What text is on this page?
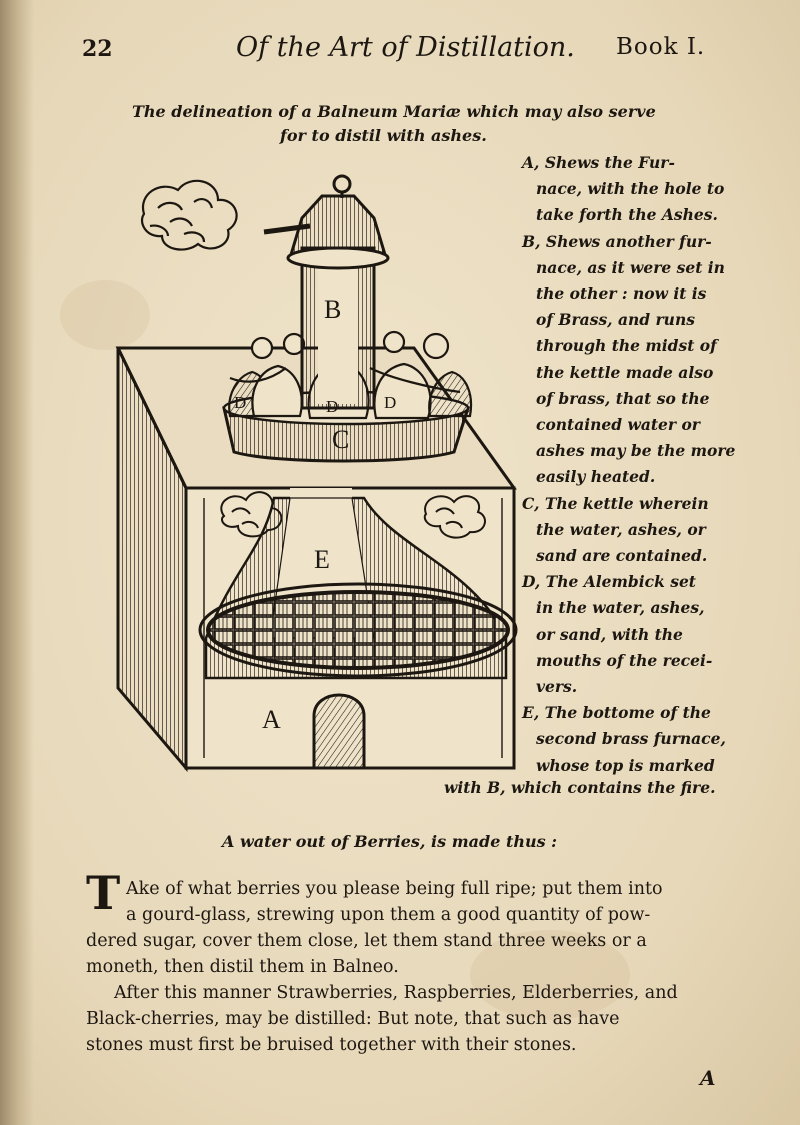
22	Of the Art of Distillation. Book I.
The delineation of a Balneum Mariæ which may also serve
for to distil with ashes.
B
C
E
A
D	D	D

A, Shews the Fur-
nace, with the hole to
take forth the Ashes.

B, Shews another fur-
nace, as it were set in
the other : now it is
of Brass, and runs
through the midst of
the kettle made also
of brass, that so the
contained water or
ashes may be the more
easily heated.

C, The kettle wherein
the water, ashes, or
sand are contained.

D, The Alembick set
in the water, ashes,
or sand, with the
mouths of the recei-
vers.

E, The bottome of the
second brass furnace,
whose top is marked

with B, which contains the fire.
A water out of Berries, is made thus :
T Ake of what berries you please being full ripe; put them into
a gourd-glass, strewing upon them a good quantity of pow-
dered sugar, cover them close, let them stand three weeks or a
moneth, then distil them in Balneo.

After this manner Strawberries, Raspberries, Elderberries, and
Black-cherries, may be distilled: But note, that such as have
stones must first be bruised together with their stones.

A
